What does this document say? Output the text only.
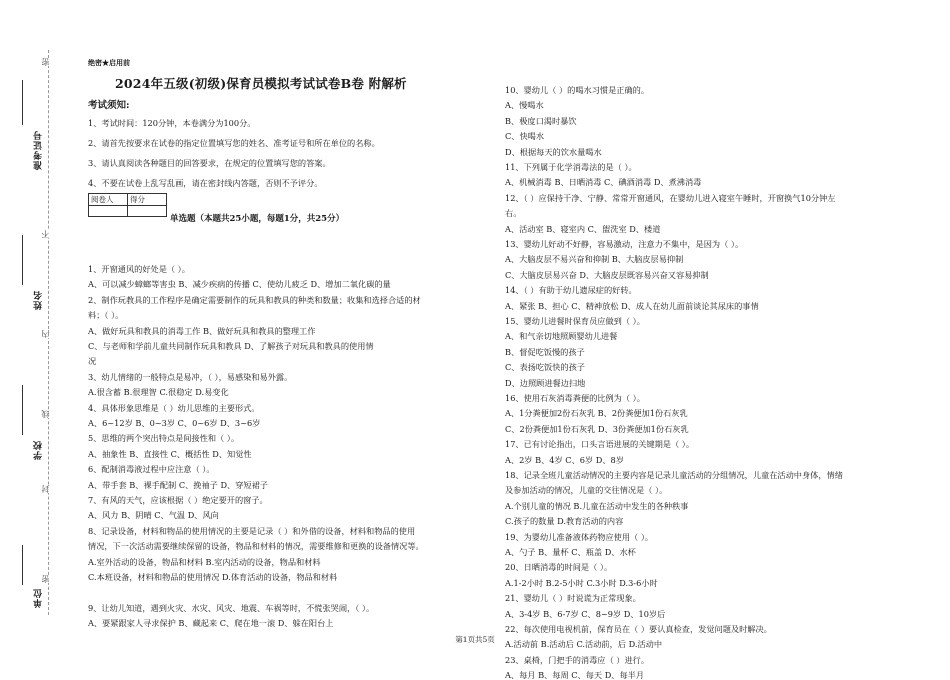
准考证号
姓名
学校
单位
密
不
内
线
封
密
绝密★启用前
2024年五级(初级)保育员模拟考试试卷B卷 附解析
考试须知:
1、考试时间：120分钟，本卷满分为100分。
2、请首先按要求在试卷的指定位置填写您的姓名、准考证号和所在单位的名称。
3、请认真阅读各种题目的回答要求，在规定的位置填写您的答案。
4、不要在试卷上乱写乱画，请在密封线内答题，否则不予评分。
阅卷人	得分

单选题（本题共25小题，每题1分，共25分）
1、开窗通风的好处是（ ）。
A、可以减少蟑螂等害虫 B、减少疾病的传播 C、使幼儿疲乏 D、增加二氧化碳的量
2、制作玩教具的工作程序是确定需要制作的玩具和教具的种类和数量；收集和选择合适的材
料；（ ）。
A、做好玩具和教具的消毒工作 B、做好玩具和教具的整理工作
C、与老师和学前儿童共同制作玩具和教具 D、了解孩子对玩具和教具的使用情
况
3、幼儿情绪的一般特点是易冲，（ ），易感染和易外露。
A.很含蓄 B.很理智 C.很稳定 D.易变化
4、具体形象思维是（ ）幼儿思维的主要形式。
A、6~12岁 B、0~3岁 C、0~6岁 D、3~6岁
5、思维的两个突出特点是间接性和（ ）。
A、抽象性 B、直接性 C、概括性 D、知觉性
6、配制消毒液过程中应注意（ ）。
A、带手套 B、裸手配制 C、挽袖子 D、穿短裙子
7、有风的天气，应该根据（ ）绝定要开的窗子。
A、风力 B、阴晴 C、气温 D、风向
8、记录设备，材料和物品的使用情况的主要是记录（ ）和外借的设备，材料和物品的使用
情况，下一次活动需要继续保留的设备，物品和材料的情况，需要维修和更换的设备情况等。
A.室外活动的设备，物品和材料 B.室内活动的设备，物品和材料
C.本班设备，材料和物品的使用情况 D.体育活动的设备，物品和材料
9、让幼儿知道，遇到火灾、水灾、风灾、地震、车祸等时，不慌张哭闹，（ ）。
A、要紧跟家人寻求保护 B、藏起来 C、爬在地一滚 D、躲在阳台上
10、婴幼儿（ ）的喝水习惯是正确的。
A、慢喝水
B、极度口渴时暴饮
C、快喝水
D、根据每天的饮水量喝水
11、下列属于化学消毒法的是（ ）。
A、机械消毒 B、日晒消毒 C、碘酒消毒 D、煮沸消毒
12、（ ）应保持干净、宁静、常常开窗通风，在婴幼儿进入寝室午睡时，开窗换气10分钟左
右。
A、活动室 B、寝室内 C、盥洗室 D、楼道
13、婴幼儿好动不好静，容易激动，注意力不集中，是因为（ ）。
A、大脑皮层不易兴奋和抑制 B、大脑皮层易抑制
C、大脑皮层易兴奋 D、大脑皮层既容易兴奋又容易抑制
14、（ ）有助于幼儿遗尿症的好转。
A、紧张 B、担心 C、精神放松 D、成人在幼儿面前谈论其尿床的事情
15、婴幼儿进餐时保育员应做到（ ）。
A、和气亲切地照顾婴幼儿进餐
B、督促吃饭慢的孩子
C、表扬吃饭快的孩子
D、边照顾进餐边扫地
16、使用石灰消毒粪便的比例为（ ）。
A、1分粪便加2份石灰乳 B、2份粪便加1份石灰乳
C、2份粪便加1份石灰乳 D、3份粪便加1份石灰乳
17、已有讨论指出，口头言语进展的关键期是（ ）。
A、2岁 B、4岁 C、6岁 D、8岁
18、记录全班儿童活动情况的主要内容是记录儿童活动的分组情况，儿童在活动中身体，情绪
及参加活动的情况，儿童的交往情况是（ ）。
A.个别儿童的情况 B.儿童在活动中发生的各种秩事
C.孩子的数量 D.教育活动的内容
19、为婴幼儿准备液体药物应使用（ ）。
A、勺子 B、量杯 C、瓶盖 D、水杯
20、日晒消毒的时间是（ ）。
A.1-2小时 B.2-5小时 C.3小时 D.3-6小时
21、婴幼儿（ ）时说谎为正常现象。
A、3-4岁 B、6-7岁 C、8~9岁 D、10岁后
22、每次使用电视机前，保育员在（ ）要认真检查，发觉问题及时解决。
A.活动前 B.活动后 C.活动前，后 D.活动中
23、桌椅，门把手的消毒应（ ）进行。
A、每月 B、每周 C、每天 D、每半月
第1页共5页
